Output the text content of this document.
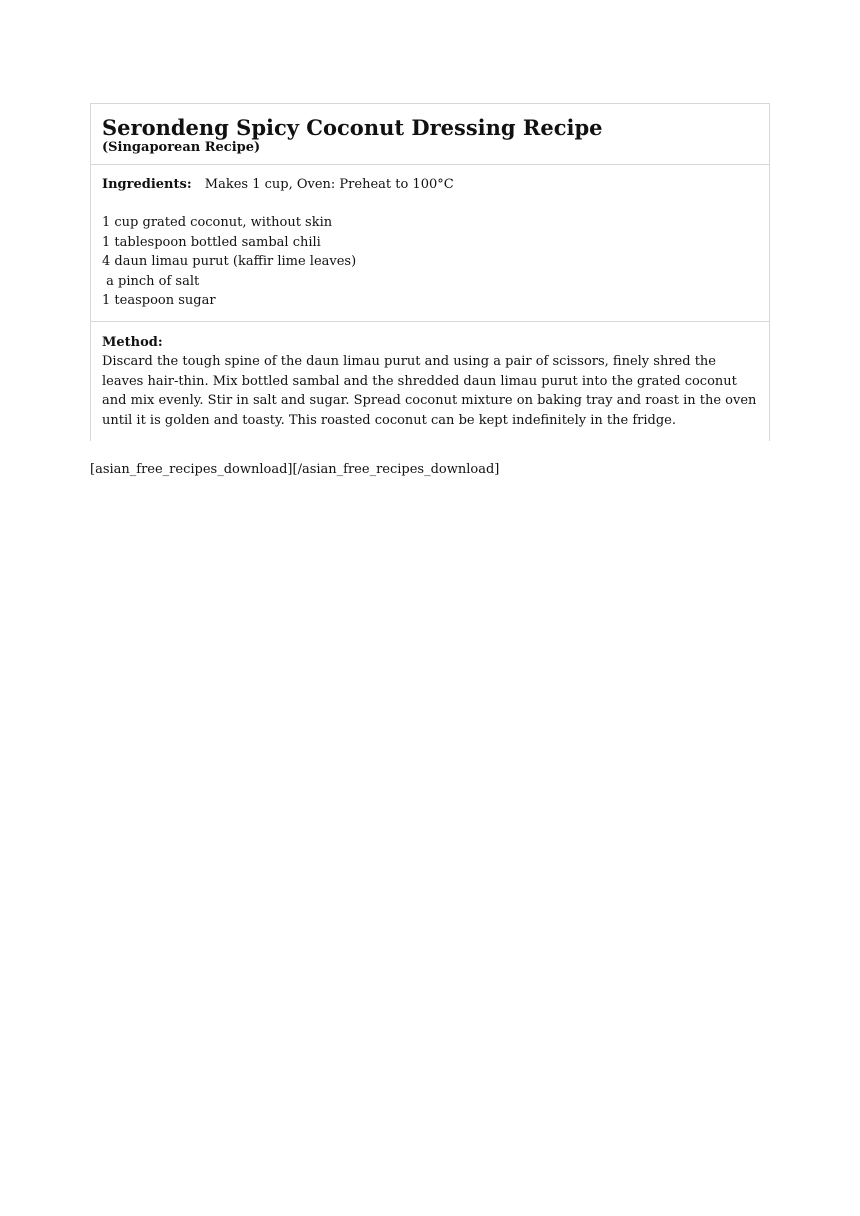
Serondeng Spicy Coconut Dressing Recipe
(Singaporean Recipe)
Ingredients: Makes 1 cup, Oven: Preheat to 100°C
1 cup grated coconut, without skin
1 tablespoon bottled sambal chili
4 daun limau purut (kaffir lime leaves)
a pinch of salt
1 teaspoon sugar
Method:

Discard the tough spine of the daun limau purut and using a pair of scissors, finely shred the leaves hair-thin. Mix bottled sambal and the shredded daun limau purut into the grated coconut and mix evenly. Stir in salt and sugar. Spread coconut mixture on baking tray and roast in the oven until it is golden and toasty. This roasted coconut can be kept indefinitely in the fridge.

[asian_free_recipes_download][/asian_free_recipes_download]
